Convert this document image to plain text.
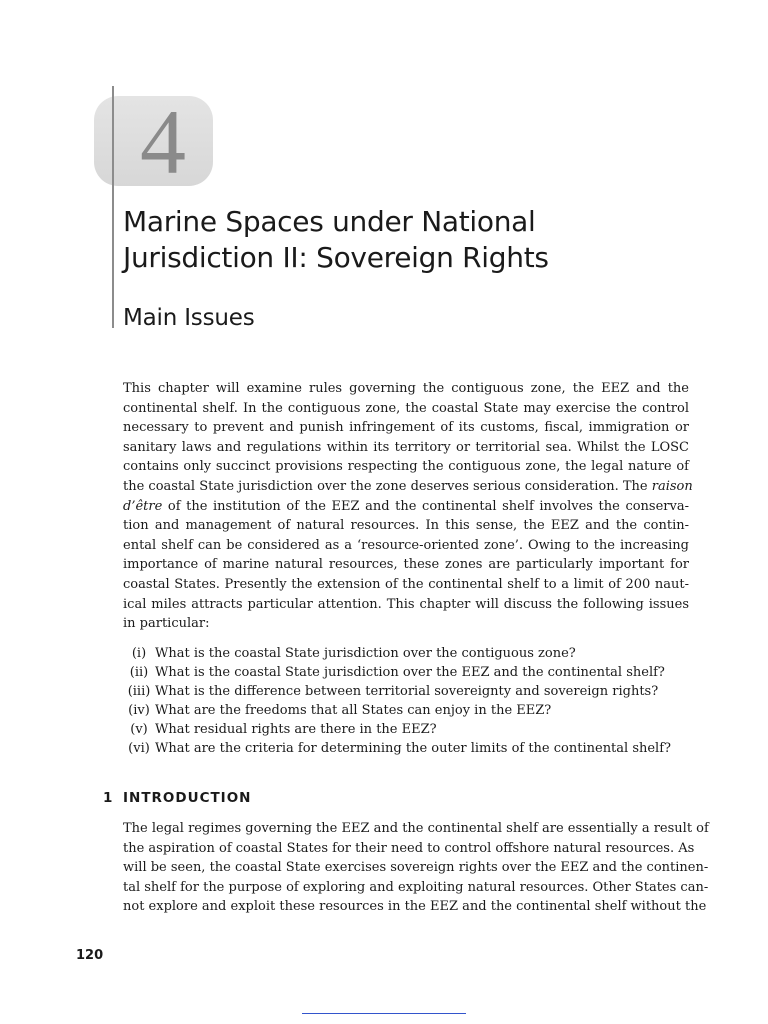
4
Marine Spaces under National
Jurisdiction II: Sovereign Rights
Main Issues

This chapter will examine rules governing the contiguous zone, the EEZ and the
continental shelf. In the contiguous zone, the coastal State may exercise the control
necessary to prevent and punish infringement of its customs, fiscal, immigration or
sanitary laws and regulations within its territory or territorial sea. Whilst the LOSC
contains only succinct provisions respecting the contiguous zone, the legal nature of
the coastal State jurisdiction over the zone deserves serious consideration. The raison
d’être of the institution of the EEZ and the continental shelf involves the conserva-
tion and management of natural resources. In this sense, the EEZ and the contin-
ental shelf can be considered as a ‘resource-oriented zone’. Owing to the increasing
importance of marine natural resources, these zones are particularly important for
coastal States. Presently the extension of the continental shelf to a limit of 200 naut-
ical miles attracts particular attention. This chapter will discuss the following issues
in particular:

(i) What is the coastal State jurisdiction over the contiguous zone?
(ii) What is the coastal State jurisdiction over the EEZ and the continental shelf?
(iii) What is the difference between territorial sovereignty and sovereign rights?
(iv) What are the freedoms that all States can enjoy in the EEZ?
(v) What residual rights are there in the EEZ?
(vi) What are the criteria for determining the outer limits of the continental shelf?
1 INTRODUCTION

The legal regimes governing the EEZ and the continental shelf are essentially a result of
the aspiration of coastal States for their need to control offshore natural resources. As
will be seen, the coastal State exercises sovereign rights over the EEZ and the continen-
tal shelf for the purpose of exploring and exploiting natural resources. Other States can-
not explore and exploit these resources in the EEZ and the continental shelf without the

120
